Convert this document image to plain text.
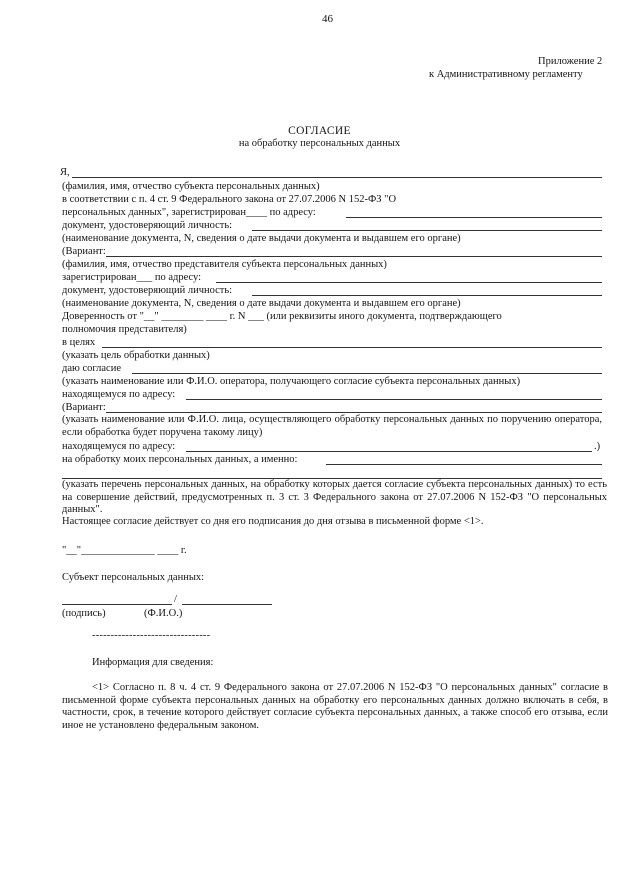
46
Приложение 2
к Административному регламенту
СОГЛАСИЕ
на обработку персональных данных
Я,
(фамилия, имя, отчество субъекта персональных данных)
в соответствии с п. 4 ст. 9 Федерального закона от 27.07.2006 N 152-ФЗ "О
персональных данных", зарегистрирован____ по адресу:
документ, удостоверяющий личность:
(наименование документа, N, сведения о дате выдачи документа и выдавшем его органе)
(Вариант:
(фамилия, имя, отчество представителя субъекта персональных данных)
зарегистрирован___ по адресу:
документ, удостоверяющий личность:
(наименование документа, N, сведения о дате выдачи документа и выдавшем его органе)
Доверенность от "__" ________ ____ г. N ___ (или реквизиты иного документа, подтверждающего
полномочия представителя)
в целях
(указать цель обработки данных)
даю согласие
(указать наименование или Ф.И.О. оператора, получающего согласие субъекта персональных данных)
находящемуся по адресу:
(Вариант:
(указать наименование или Ф.И.О. лица, осуществляющего обработку персональных данных по поручению оператора, если обработка будет поручена такому лицу)
находящемуся по адресу:	.)
на обработку моих персональных данных, а именно:
(указать перечень персональных данных, на обработку которых дается согласие субъекта персональных данных) то есть на совершение действий, предусмотренных п. 3 ст. 3 Федерального закона от 27.07.2006 N 152-ФЗ "О персональных данных".
Настоящее согласие действует со дня его подписания до дня отзыва в письменной форме <1>.
"__"______________ ____ г.
Субъект персональных данных:
/
(подпись)	(Ф.И.О.)
--------------------------------
Информация для сведения:
<1> Согласно п. 8 ч. 4 ст. 9 Федерального закона от 27.07.2006 N 152-ФЗ "О персональных данных" согласие в письменной форме субъекта персональных данных на обработку его персональных данных должно включать в себя, в частности, срок, в течение которого действует согласие субъекта персональных данных, а также способ его отзыва, если иное не установлено федеральным законом.
